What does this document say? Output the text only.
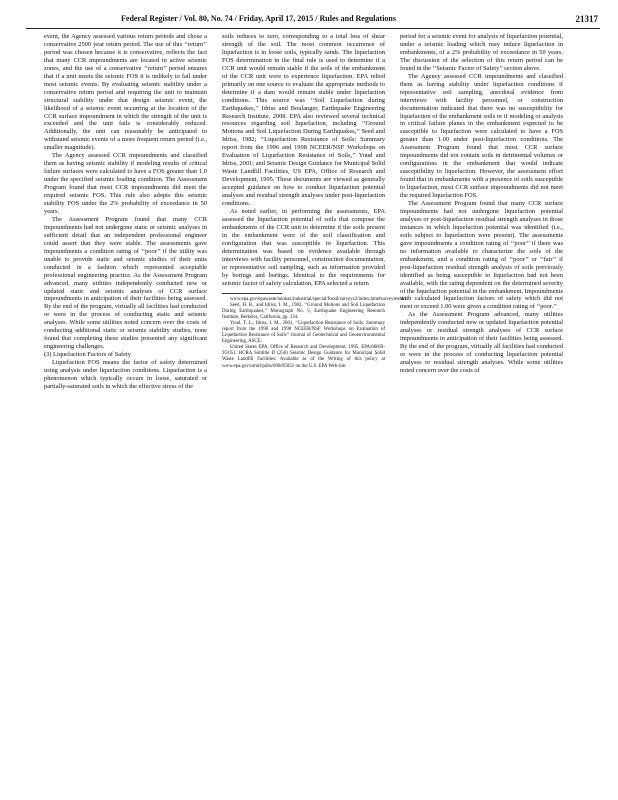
Federal Register / Vol. 80, No. 74 / Friday, April 17, 2015 / Rules and Regulations	21317

event, the Agency assessed various return periods and chose a conservative 2500 year return period. The use of this ‘‘return’’ period was chosen because it is conservative, reflects the fact that many CCR impoundments are located in active seismic zones, and the use of a conservative ‘‘return’’ period ensures that if a unit meets the seismic FOS it is unlikely to fail under most seismic events. By evaluating seismic stability under a conservative return period and requiring the unit to maintain structural stability under that design seismic event, the likelihood of a seismic event occurring at the location of the CCR surface impoundment in which the strength of the unit is exceeded and the unit fails is considerably reduced. Additionally, the unit can reasonably be anticipated to withstand seismic events of a more frequent return period (i.e., smaller magnitude).

The Agency assessed CCR impoundments and classified them as having seismic stability if modeling results of critical failure surfaces were calculated to have a FOS greater than 1.0 under the specified seismic loading condition. The Assessment Program found that most CCR impoundments did meet the required seismic FOS. This rule also adopts this seismic stability FOS under the 2% probability of exceedance in 50 years.

The Assessment Program found that many CCR impoundments had not undergone static or seismic analyses in sufficient detail that an independent professional engineer could assert that they were stable. The assessments gave impoundments a condition rating of ‘‘poor’’ if the utility was unable to provide static and seismic studies of their units conducted in a fashion which represented acceptable professional engineering practice. As the Assessment Program advanced, many utilities independently conducted new or updated static and seismic analyses of CCR surface impoundments in anticipation of their facilities being assessed. By the end of the program, virtually all facilities had conducted or were in the process of conducting static and seismic analyses. While some utilities noted concern over the costs of conducting additional static or seismic stability studies, none found that completing these studies presented any significant engineering challenges.

(3) Liquefaction Factors of Safety

Liquefaction FOS means the factor of safety determined using analysis under liquefaction conditions. Liquefaction is a phenomenon which typically occurs in loose, saturated or partially-saturated soils in which the effective stress of the

soils reduces to zero, corresponding to a total loss of shear strength of the soil. The most common occurrence of liquefaction is in loose soils, typically sands. The liquefaction FOS determination in the final rule is used to determine if a CCR unit would remain stable if the soils of the embankment of the CCR unit were to experience liquefaction. EPA relied primarily on one source to evaluate the appropriate methods to determine if a dam would remain stable under liquefaction conditions. This source was ‘‘Soil Liquefaction during Earthquakes,’’ Idriss and Boulanger, Earthquake Engineering Research Institute, 2008. EPA also reviewed several technical resources regarding soil liquefaction, including ‘‘Ground Motions and Soil Liquefaction During Earthquakes,’’ Seed and Idriss, 1982; ‘‘Liquefaction Resistance of Soils: Summary report from the 1996 and 1998 NCEER/NSF Workshops on Evaluation of Liquefaction Resistance of Soils,’’ Youd and Idriss, 2001; and Seismic Design Guidance for Municipal Solid Waste Landfill Facilities, US EPA, Office of Research and Development, 1995. These documents are viewed as generally accepted guidance on how to conduct liquefaction potential analyses and residual strength analyses under post-liquefaction conditions.

As noted earlier, in performing the assessments, EPA assessed the liquefaction potential of soils that compose the embankments of the CCR unit to determine if the soils present in the embankment were of the soil classification and configuration that was susceptible to liquefaction. This determination was based on evidence available through interviews with facility personnel, construction documentation, or representative soil sampling, such as information provided by borings and borings. Identical to the requirements for seismic factor of safety calculation, EPA selected a return

www.epa.gov/epawaste/nonhaz/industrial/special/fossil/surveys2/index.htm#surveyresults.

Seed, H. B., and Idriss, I. M., 1982, ‘‘Ground Motions and Soil Liquefaction During Earthquakes,’’ Monograph No. 5, Earthquake Engineering Research Institute, Berkeley, California, pp. 134.

Youd, T. L., Idriss, I. M., 2001, ‘‘Liquefaction Resistance of Soils: Summary report from the 1996 and 1998 NCEER/NSF Workshops on Evaluation of Liquefaction Resistance of Soils’’ Journal of Geotechnical and Geoenvironmental Engineering, ASCE.

United States EPA, Office of Research and Development, 1995. EPA/600/R-95/051. RCRA Subtitle D (258) Seismic Design Guidance for Municipal Solid Waste Landfill Facilities. Available as of the Writing of this policy at www.epa.gov/nrmrl/pubs/600r95051 on the U.S. EPA Web site.

period for a seismic event for analysis of liquefaction potential, under a seismic loading which may induce liquefaction in embankments, of a 2% probability of exceedance in 50 years. The discussion of the selection of this return period can be found in the ‘‘Seismic Factor of Safety’’ section above.

The Agency assessed CCR impoundments and classified them as having stability under liquefaction conditions if representative soil sampling, anecdotal evidence from interviews with facility personnel, or construction documentation indicated that there was no susceptibility for liquefaction of the embankment soils or if modeling or analysis in critical failure planes in the embankment expected to be susceptible to liquefaction were calculated to have a FOS greater than 1.00 under post-liquefaction conditions. The Assessment Program found that most CCR surface impoundments did not contain soils in detrimental volumes or configurations in the embankment that would indicate susceptibility to liquefaction. However, the assessment effort found that in embankments with a presence of soils susceptible to liquefaction, most CCR surface impoundments did not meet the required liquefaction FOS.

The Assessment Program found that many CCR surface impoundments had not undergone liquefaction potential analyses or post-liquefaction residual strength analyses in those instances in which liquefaction potential was identified (i.e., soils subject to liquefaction were present). The assessments gave impoundments a condition rating of ‘‘poor’’ if there was no information available to characterize the soils of the embankment, and a condition rating of ‘‘poor’’ or ‘‘fair’’ if post-liquefaction residual strength analysis of soils previously identified as being susceptible to liquefaction had not been available, with the rating dependent on the determined severity of the liquefaction potential in the embankment. Impoundments with calculated liquefaction factors of safety which did not meet or exceed 1.00 were given a condition rating of ‘‘poor.’’

As the Assessment Program advanced, many utilities independently conducted new or updated liquefaction potential analyses or residual strength analyses of CCR surface impoundments in anticipation of their facilities being assessed. By the end of the program, virtually all facilities had conducted or were in the process of conducting liquefaction potential analyses or residual strength analyses. While some utilities noted concern over the costs of
